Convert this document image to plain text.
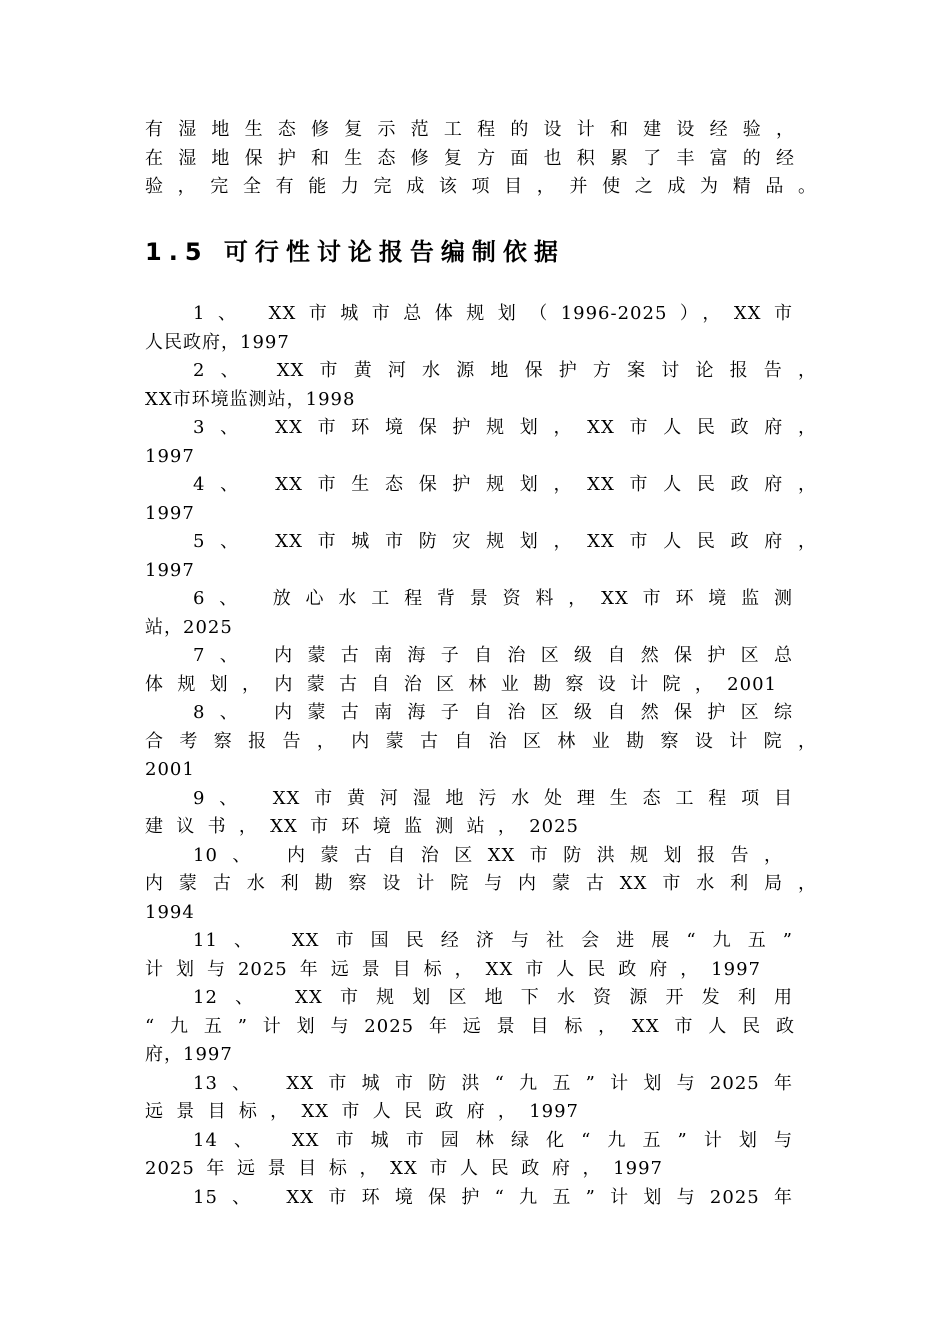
有湿地生态修复示范工程的设计和建设经验，
在湿地保护和生态修复方面也积累了丰富的经
验，完全有能力完成该项目，并使之成为精品。
1.5 可行性讨论报告编制依据
1、 XX市城市总体规划（1996-2025），XX市
人民政府，1997
2、 XX市黄河水源地保护方案讨论报告，
XX市环境监测站，1998
3、 XX市环境保护规划，XX市人民政府，
1997
4、 XX市生态保护规划，XX市人民政府，
1997
5、 XX市城市防灾规划，XX市人民政府，
1997
6、 放心水工程背景资料，XX市环境监测
站，2025
7、 内蒙古南海子自治区级自然保护区总
体规划，内蒙古自治区林业勘察设计院，2001
8、 内蒙古南海子自治区级自然保护区综
合考察报告，内蒙古自治区林业勘察设计院，
2001
9、 XX市黄河湿地污水处理生态工程项目
建议书，XX市环境监测站，2025
10、 内蒙古自治区XX市防洪规划报告，
内蒙古水利勘察设计院与内蒙古XX市水利局，
1994
11、 XX市国民经济与社会进展“九五”
计划与2025年远景目标，XX市人民政府，1997
12、 XX市规划区地下水资源开发利用
“九五”计划与2025年远景目标，XX市人民政
府，1997
13、 XX市城市防洪“九五”计划与2025年
远景目标，XX市人民政府，1997
14、 XX市城市园林绿化“九五”计划与
2025年远景目标，XX市人民政府，1997
15、 XX市环境保护“九五”计划与2025年
